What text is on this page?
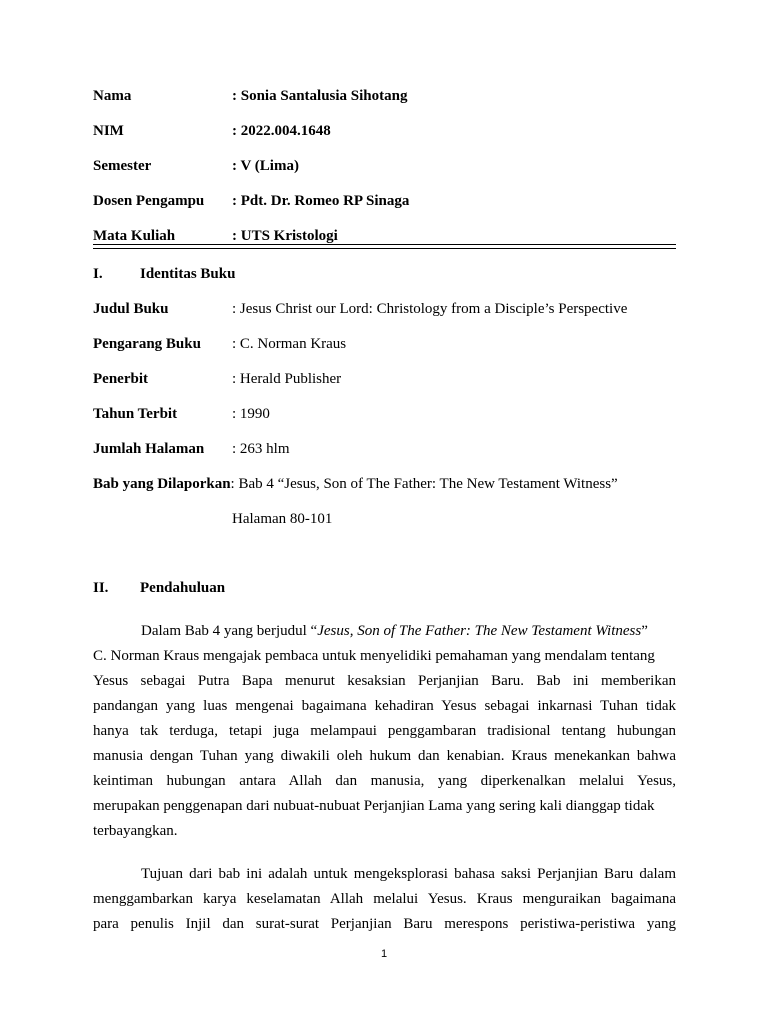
Nama	: Sonia Santalusia Sihotang
NIM	: 2022.004.1648
Semester	: V (Lima)
Dosen Pengampu : Pdt. Dr. Romeo RP Sinaga
Mata Kuliah	: UTS Kristologi
I. Identitas Buku
Judul Buku	: Jesus Christ our Lord: Christology from a Disciple’s Perspective
Pengarang Buku : C. Norman Kraus
Penerbit	: Herald Publisher
Tahun Terbit	: 1990
Jumlah Halaman : 263 hlm
Bab yang Dilaporkan: Bab 4 “Jesus, Son of The Father: The New Testament Witness”
Halaman 80-101
II. Pendahuluan
Dalam Bab 4 yang berjudul “Jesus, Son of The Father: The New Testament Witness”
C. Norman Kraus mengajak pembaca untuk menyelidiki pemahaman yang mendalam tentang
Yesus sebagai Putra Bapa menurut kesaksian Perjanjian Baru. Bab ini memberikan
pandangan yang luas mengenai bagaimana kehadiran Yesus sebagai inkarnasi Tuhan tidak
hanya tak terduga, tetapi juga melampaui penggambaran tradisional tentang hubungan
manusia dengan Tuhan yang diwakili oleh hukum dan kenabian. Kraus menekankan bahwa
keintiman hubungan antara Allah dan manusia, yang diperkenalkan melalui Yesus,
merupakan penggenapan dari nubuat-nubuat Perjanjian Lama yang sering kali dianggap tidak
terbayangkan.
Tujuan dari bab ini adalah untuk mengeksplorasi bahasa saksi Perjanjian Baru dalam
menggambarkan karya keselamatan Allah melalui Yesus. Kraus menguraikan bagaimana
para penulis Injil dan surat-surat Perjanjian Baru merespons peristiwa-peristiwa yang
1
